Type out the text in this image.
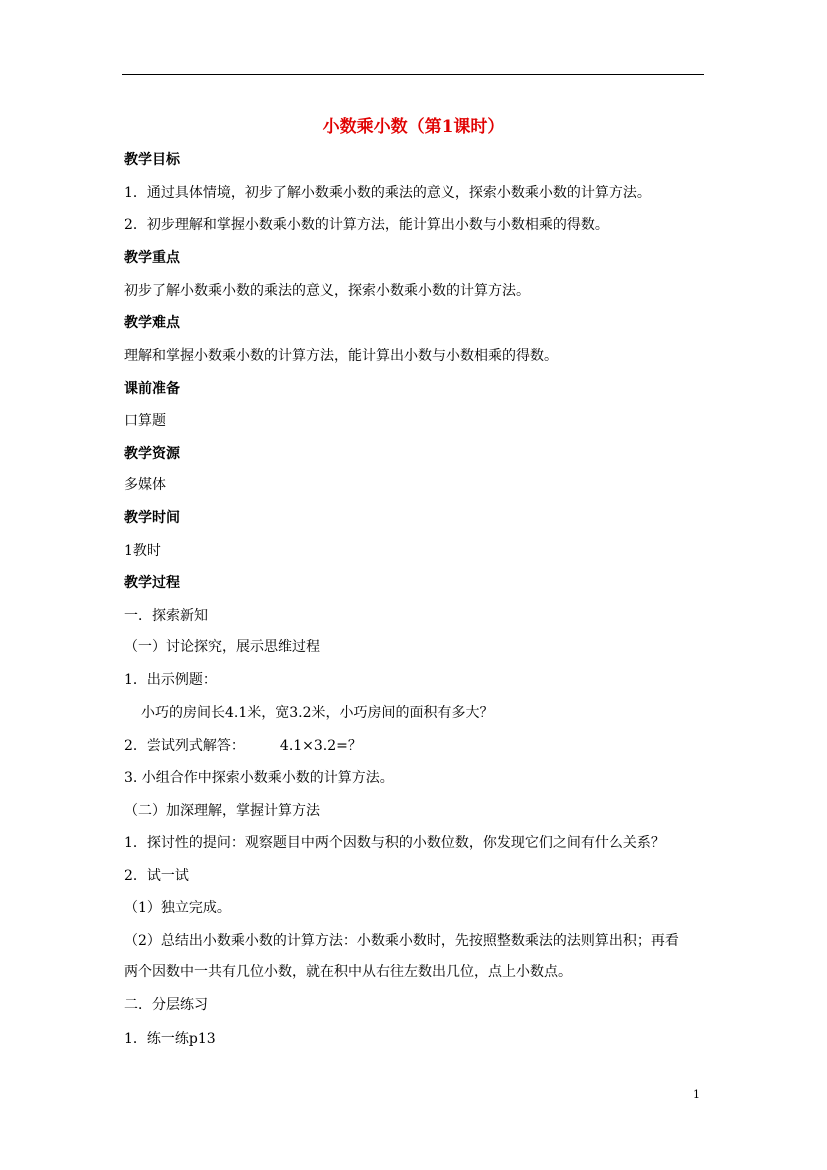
小数乘小数（第1课时）
教学目标
1．通过具体情境，初步了解小数乘小数的乘法的意义，探索小数乘小数的计算方法。
2．初步理解和掌握小数乘小数的计算方法，能计算出小数与小数相乘的得数。
教学重点
初步了解小数乘小数的乘法的意义，探索小数乘小数的计算方法。
教学难点
理解和掌握小数乘小数的计算方法，能计算出小数与小数相乘的得数。
课前准备
口算题
教学资源
多媒体
教学时间
1教时
教学过程
一．探索新知
（一）讨论探究，展示思维过程
1．出示例题：
小巧的房间长4.1米，宽3.2米，小巧房间的面积有多大？
2．尝试列式解答：　　　4.1×3.2=？
3. 小组合作中探索小数乘小数的计算方法。
（二）加深理解，掌握计算方法
1．探讨性的提问：观察题目中两个因数与积的小数位数，你发现它们之间有什么关系？
2．试一试
（1）独立完成。
（2）总结出小数乘小数的计算方法：小数乘小数时，先按照整数乘法的法则算出积；再看
两个因数中一共有几位小数，就在积中从右往左数出几位，点上小数点。
二．分层练习
1．练一练p13
1
